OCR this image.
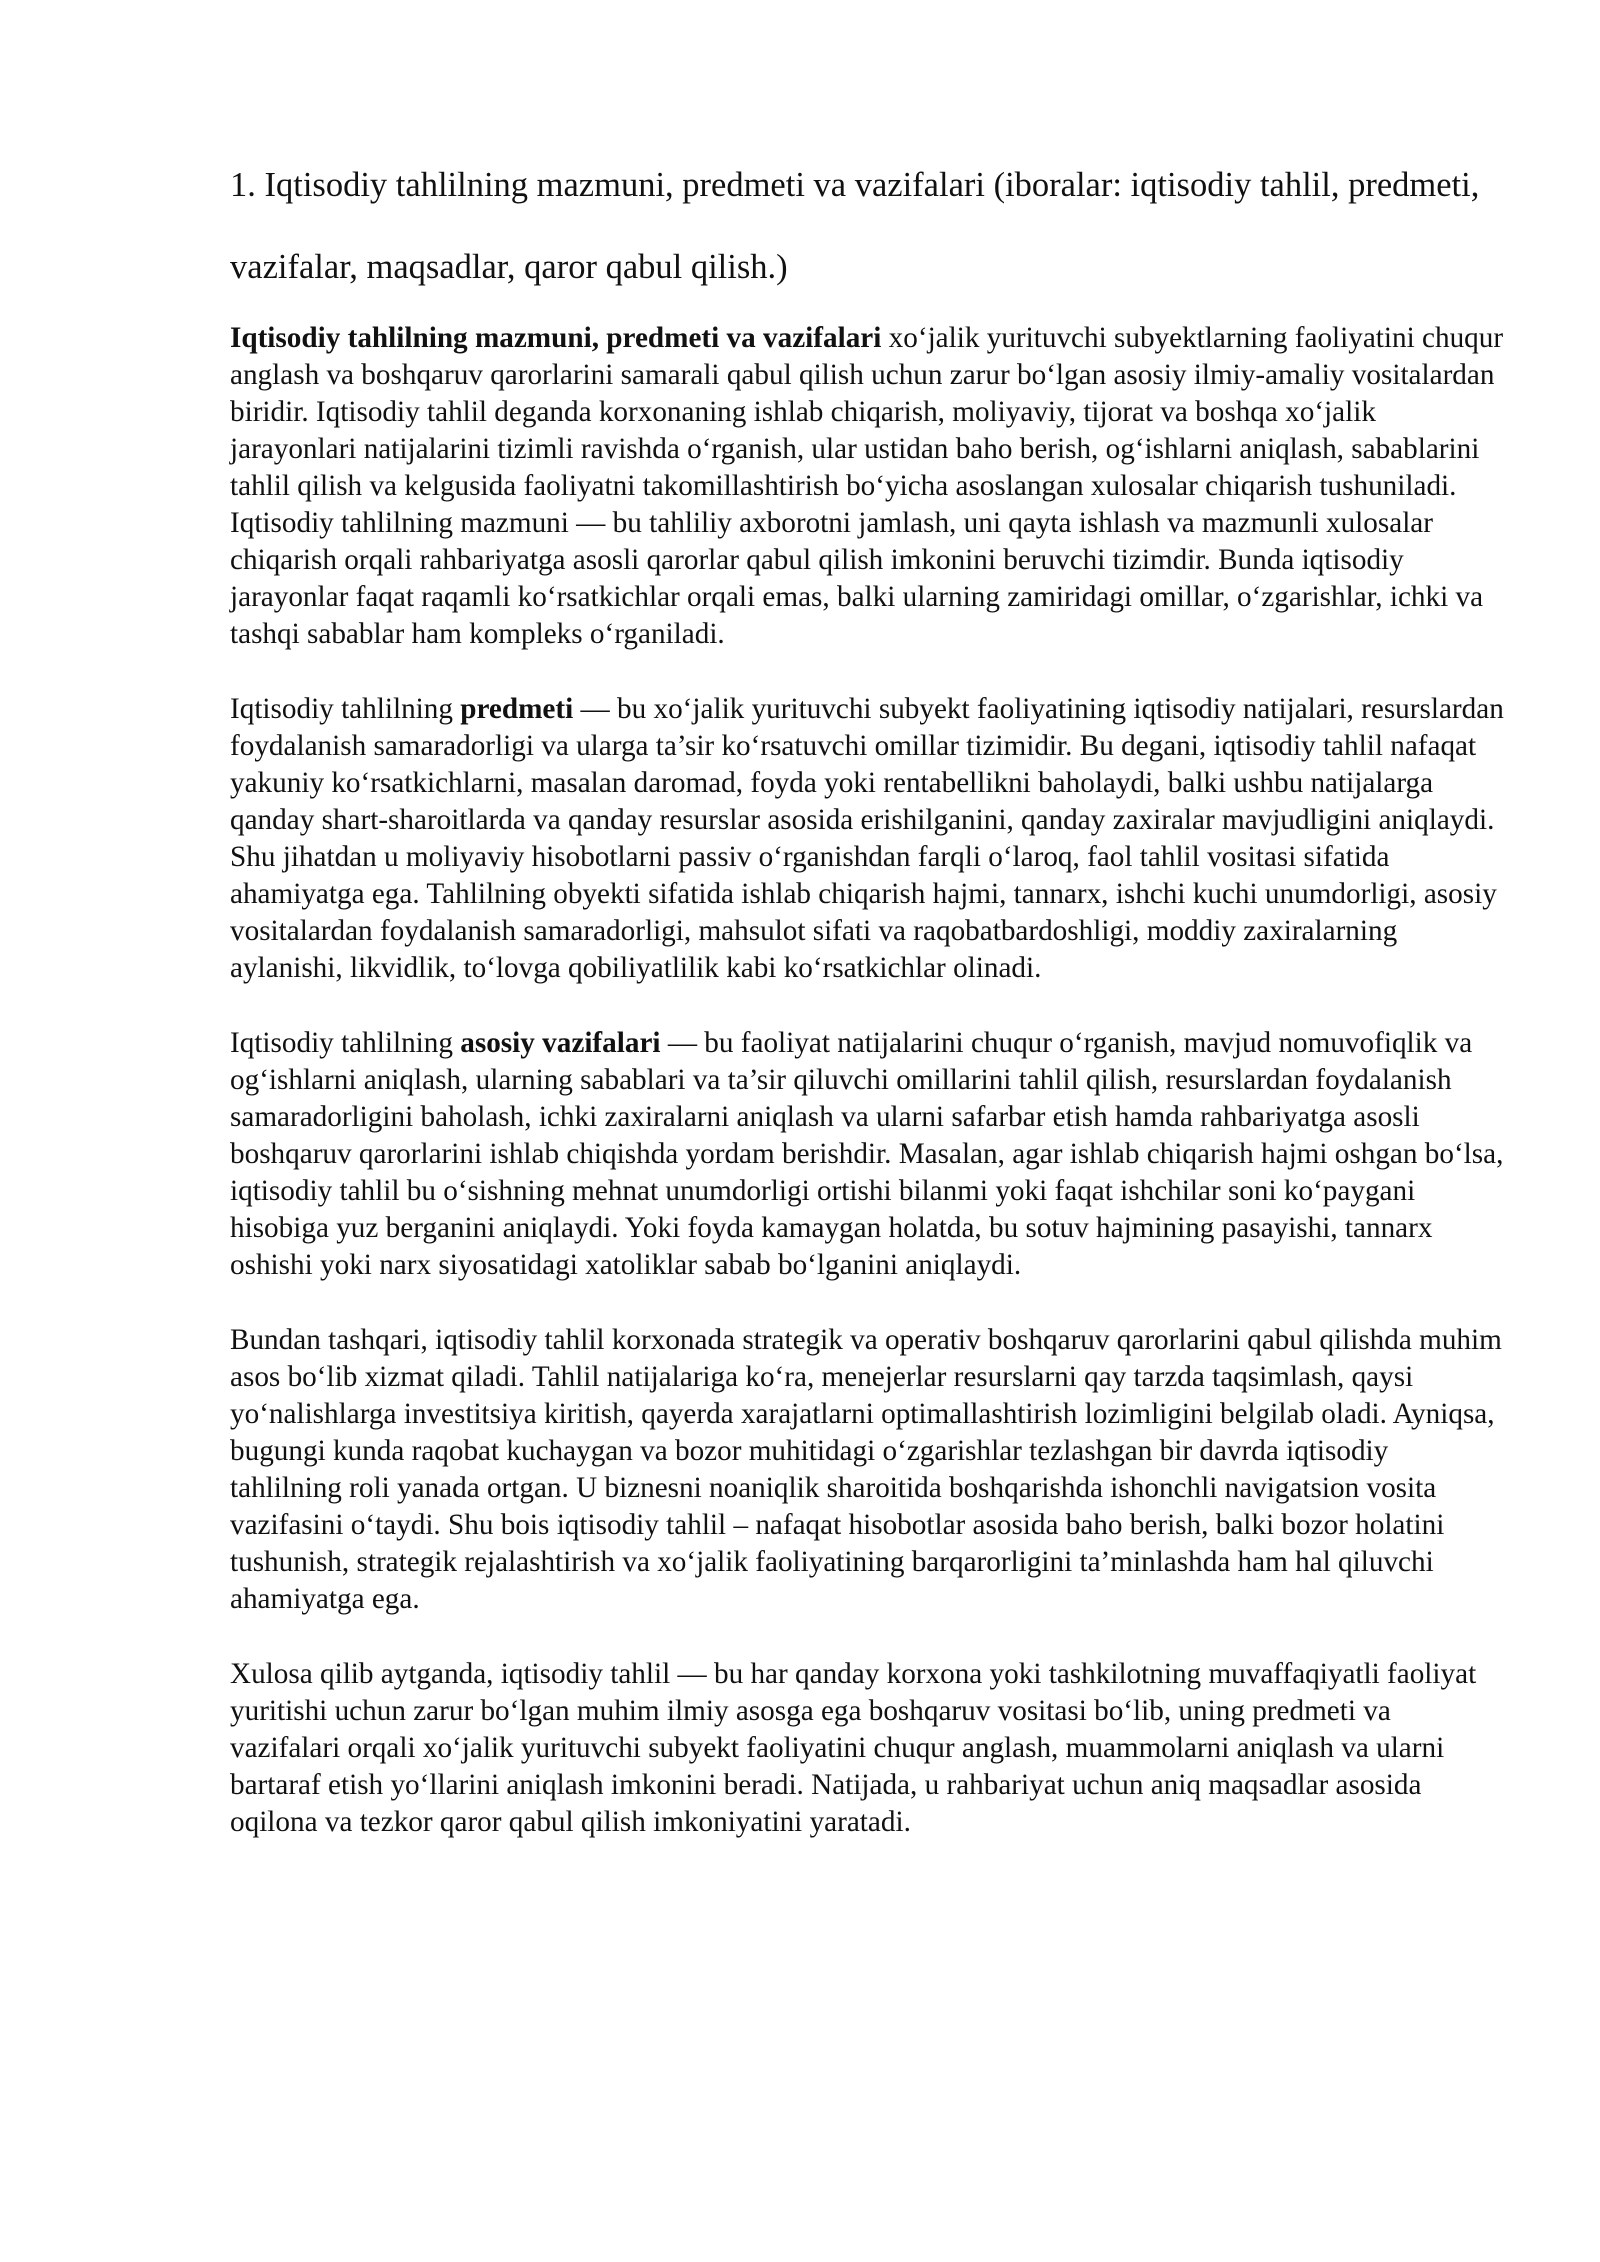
1. Iqtisodiy tahlilning mazmuni, predmeti va vazifalari (iboralar: iqtisodiy tahlil, predmeti, vazifalar, maqsadlar, qaror qabul qilish.)

Iqtisodiy tahlilning mazmuni, predmeti va vazifalari xo‘jalik yurituvchi subyektlarning faoliyatini chuqur anglash va boshqaruv qarorlarini samarali qabul qilish uchun zarur bo‘lgan asosiy ilmiy-amaliy vositalardan biridir. Iqtisodiy tahlil deganda korxonaning ishlab chiqarish, moliyaviy, tijorat va boshqa xo‘jalik jarayonlari natijalarini tizimli ravishda o‘rganish, ular ustidan baho berish, og‘ishlarni aniqlash, sabablarini tahlil qilish va kelgusida faoliyatni takomillashtirish bo‘yicha asoslangan xulosalar chiqarish tushuniladi. Iqtisodiy tahlilning mazmuni — bu tahliliy axborotni jamlash, uni qayta ishlash va mazmunli xulosalar chiqarish orqali rahbariyatga asosli qarorlar qabul qilish imkonini beruvchi tizimdir. Bunda iqtisodiy jarayonlar faqat raqamli ko‘rsatkichlar orqali emas, balki ularning zamiridagi omillar, o‘zgarishlar, ichki va tashqi sabablar ham kompleks o‘rganiladi.

Iqtisodiy tahlilning predmeti — bu xo‘jalik yurituvchi subyekt faoliyatining iqtisodiy natijalari, resurslardan foydalanish samaradorligi va ularga ta’sir ko‘rsatuvchi omillar tizimidir. Bu degani, iqtisodiy tahlil nafaqat yakuniy ko‘rsatkichlarni, masalan daromad, foyda yoki rentabellikni baholaydi, balki ushbu natijalarga qanday shart-sharoitlarda va qanday resurslar asosida erishilganini, qanday zaxiralar mavjudligini aniqlaydi. Shu jihatdan u moliyaviy hisobotlarni passiv o‘rganishdan farqli o‘laroq, faol tahlil vositasi sifatida ahamiyatga ega. Tahlilning obyekti sifatida ishlab chiqarish hajmi, tannarx, ishchi kuchi unumdorligi, asosiy vositalardan foydalanish samaradorligi, mahsulot sifati va raqobatbardoshligi, moddiy zaxiralarning aylanishi, likvidlik, to‘lovga qobiliyatlilik kabi ko‘rsatkichlar olinadi.

Iqtisodiy tahlilning asosiy vazifalari — bu faoliyat natijalarini chuqur o‘rganish, mavjud nomuvofiqlik va og‘ishlarni aniqlash, ularning sabablari va ta’sir qiluvchi omillarini tahlil qilish, resurslardan foydalanish samaradorligini baholash, ichki zaxiralarni aniqlash va ularni safarbar etish hamda rahbariyatga asosli boshqaruv qarorlarini ishlab chiqishda yordam berishdir. Masalan, agar ishlab chiqarish hajmi oshgan bo‘lsa, iqtisodiy tahlil bu o‘sishning mehnat unumdorligi ortishi bilanmi yoki faqat ishchilar soni ko‘paygani hisobiga yuz berganini aniqlaydi. Yoki foyda kamaygan holatda, bu sotuv hajmining pasayishi, tannarx oshishi yoki narx siyosatidagi xatoliklar sabab bo‘lganini aniqlaydi.

Bundan tashqari, iqtisodiy tahlil korxonada strategik va operativ boshqaruv qarorlarini qabul qilishda muhim asos bo‘lib xizmat qiladi. Tahlil natijalariga ko‘ra, menejerlar resurslarni qay tarzda taqsimlash, qaysi yo‘nalishlarga investitsiya kiritish, qayerda xarajatlarni optimallashtirish lozimligini belgilab oladi. Ayniqsa, bugungi kunda raqobat kuchaygan va bozor muhitidagi o‘zgarishlar tezlashgan bir davrda iqtisodiy tahlilning roli yanada ortgan. U biznesni noaniqlik sharoitida boshqarishda ishonchli navigatsion vosita vazifasini o‘taydi. Shu bois iqtisodiy tahlil – nafaqat hisobotlar asosida baho berish, balki bozor holatini tushunish, strategik rejalashtirish va xo‘jalik faoliyatining barqarorligini ta’minlashda ham hal qiluvchi ahamiyatga ega.

Xulosa qilib aytganda, iqtisodiy tahlil — bu har qanday korxona yoki tashkilotning muvaffaqiyatli faoliyat yuritishi uchun zarur bo‘lgan muhim ilmiy asosga ega boshqaruv vositasi bo‘lib, uning predmeti va vazifalari orqali xo‘jalik yurituvchi subyekt faoliyatini chuqur anglash, muammolarni aniqlash va ularni bartaraf etish yo‘llarini aniqlash imkonini beradi. Natijada, u rahbariyat uchun aniq maqsadlar asosida oqilona va tezkor qaror qabul qilish imkoniyatini yaratadi.
